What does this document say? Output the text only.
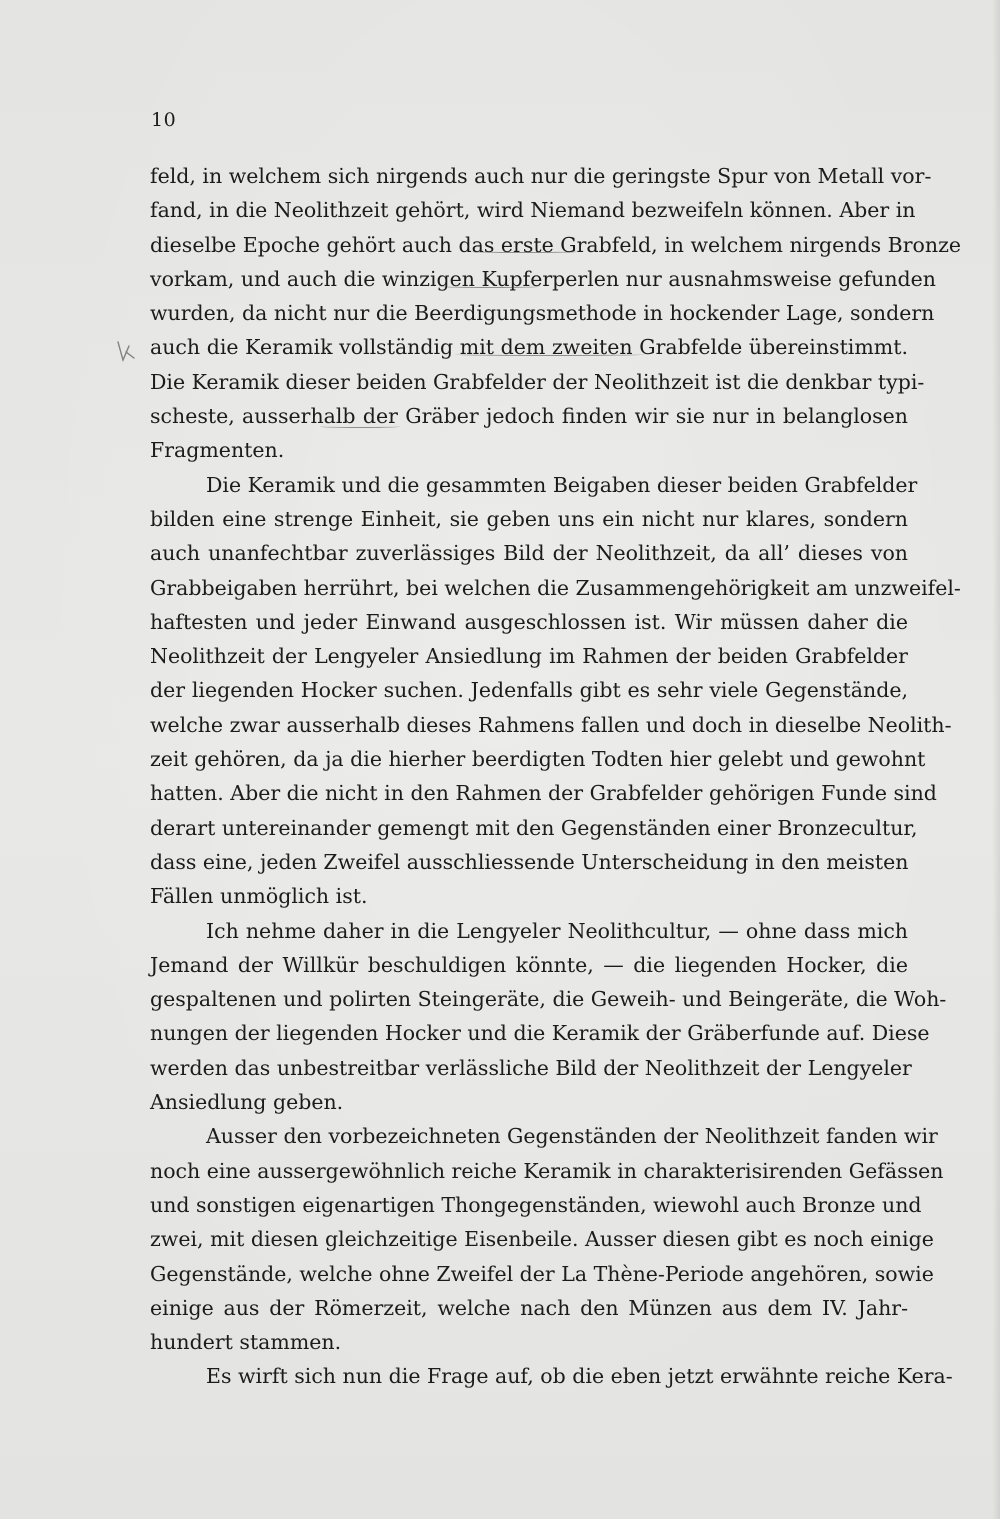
10
feld, in welchem sich nirgends auch nur die geringste Spur von Metall vor-
fand, in die Neolithzeit gehört, wird Niemand bezweifeln können. Aber in
dieselbe Epoche gehört auch das erste Grabfeld, in welchem nirgends Bronze
vorkam, und auch die winzigen Kupferperlen nur ausnahmsweise gefunden
wurden, da nicht nur die Beerdigungsmethode in hockender Lage, sondern
auch die Keramik vollständig mit dem zweiten Grabfelde übereinstimmt.
Die Keramik dieser beiden Grabfelder der Neolithzeit ist die denkbar typi-
scheste, ausserhalb der Gräber jedoch finden wir sie nur in belanglosen
Fragmenten.
Die Keramik und die gesammten Beigaben dieser beiden Grabfelder
bilden eine strenge Einheit, sie geben uns ein nicht nur klares, sondern
auch unanfechtbar zuverlässiges Bild der Neolithzeit, da all’ dieses von
Grabbeigaben herrührt, bei welchen die Zusammengehörigkeit am unzweifel-
haftesten und jeder Einwand ausgeschlossen ist. Wir müssen daher die
Neolithzeit der Lengyeler Ansiedlung im Rahmen der beiden Grabfelder
der liegenden Hocker suchen. Jedenfalls gibt es sehr viele Gegenstände,
welche zwar ausserhalb dieses Rahmens fallen und doch in dieselbe Neolith-
zeit gehören, da ja die hierher beerdigten Todten hier gelebt und gewohnt
hatten. Aber die nicht in den Rahmen der Grabfelder gehörigen Funde sind
derart untereinander gemengt mit den Gegenständen einer Bronzecultur,
dass eine, jeden Zweifel ausschliessende Unterscheidung in den meisten
Fällen unmöglich ist.
Ich nehme daher in die Lengyeler Neolithcultur, — ohne dass mich
Jemand der Willkür beschuldigen könnte, — die liegenden Hocker, die
gespaltenen und polirten Steingeräte, die Geweih- und Beingeräte, die Woh-
nungen der liegenden Hocker und die Keramik der Gräberfunde auf. Diese
werden das unbestreitbar verlässliche Bild der Neolithzeit der Lengyeler
Ansiedlung geben.
Ausser den vorbezeichneten Gegenständen der Neolithzeit fanden wir
noch eine aussergewöhnlich reiche Keramik in charakterisirenden Gefässen
und sonstigen eigenartigen Thongegenständen, wiewohl auch Bronze und
zwei, mit diesen gleichzeitige Eisenbeile. Ausser diesen gibt es noch einige
Gegenstände, welche ohne Zweifel der La Thène-Periode angehören, sowie
einige aus der Römerzeit, welche nach den Münzen aus dem IV. Jahr-
hundert stammen.
Es wirft sich nun die Frage auf, ob die eben jetzt erwähnte reiche Kera-
